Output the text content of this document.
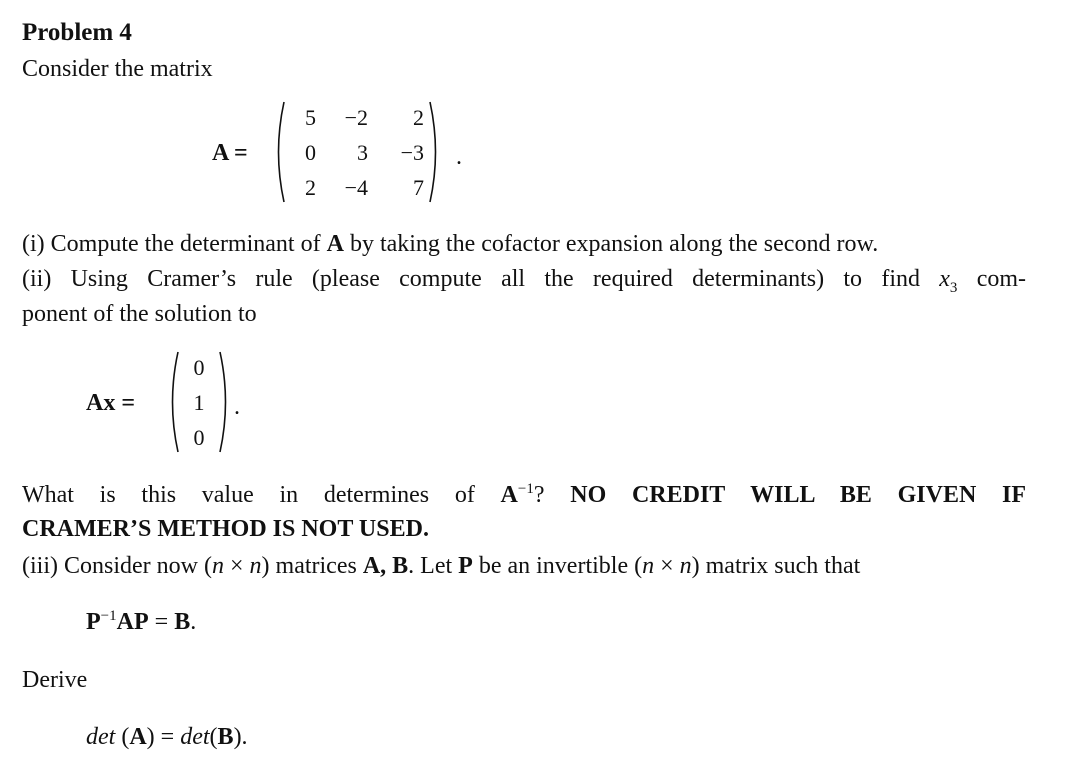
Problem 4
Consider the matrix
A =
5 −2	2
0	3 −3
2 −4	7
.
(i) Compute the determinant of A by taking the cofactor expansion along the second row.
(ii) Using Cramer’s rule (please compute all the required determinants) to find $x_3$ com-
ponent of the solution to
Ax =
0
1
0
.
What is this value in determines of $A^{-1}$? NO CREDIT WILL BE GIVEN IF
CRAMER’S METHOD IS NOT USED.
(iii) Consider now (n × n) matrices A, B. Let P be an invertible (n × n) matrix such that
$P^{-1}AP = B$.
Derive
det (A) = det(B).
